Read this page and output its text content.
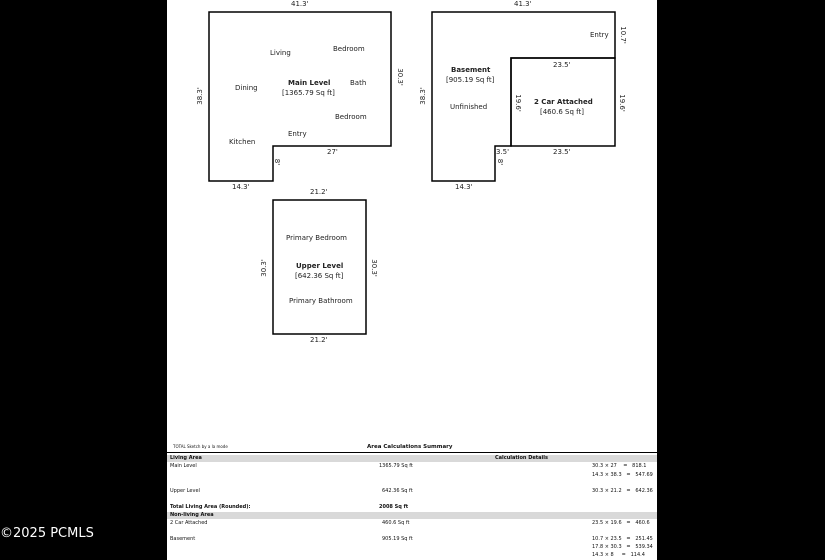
41.3'
38.3'
30.3'
27'
8'
14.3'
Living	Bedroom
Dining
Bath
Bedroom
Kitchen
Entry
Main Level
[1365.79 Sq ft]
41.3'
38.3'
10.7'
19.6'
3.5'
8'
14.3'
Basement
[905.19 Sq ft]
Unfinished
Entry
23.5'
23.5'
19.6'
2 Car Attached
[460.6 Sq ft]
21.2'
21.2'
30.3'	30.3'
Primary Bedroom
Upper Level
[642.36 Sq ft]
Primary Bathroom
TOTAL Sketch by a la mode	Area Calculations Summary
Living Area	Calculation Details
Main Level	1365.79 Sq ft	30.3 × 27    =   818.1
14.3 × 38.3   =   547.69
Upper Level	642.36 Sq ft	30.3 × 21.2   =   642.36
Total Living Area (Rounded):	2008 Sq ft
Non-living Area
2 Car Attached	460.6 Sq ft	23.5 × 19.6   =   460.6
Basement	905.19 Sq ft	10.7 × 23.5   =   251.45
17.8 × 30.3   =   539.34
14.3 × 8     =   114.4
©2025 PCMLS
